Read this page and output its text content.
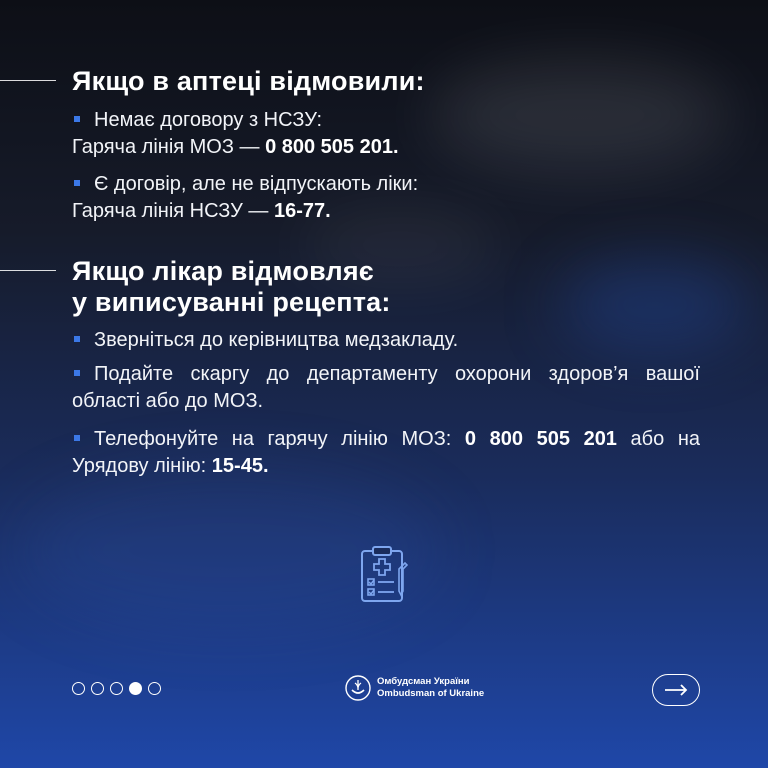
Якщо в аптеці відмовили:
Немає договору з НСЗУ:
Гаряча лінія МОЗ — 0 800 505 201.
Є договір, але не відпускають ліки:
Гаряча лінія НСЗУ — 16-77.
Якщо лікар відмовляє
у виписуванні рецепта:
Зверніться до керівництва медзакладу.
Подайте скаргу до департаменту охорони здоров’я вашої області або до МОЗ.
Телефонуйте на гарячу лінію МОЗ: 0 800 505 201 або на Урядову лінію: 15-45.
Омбудсман України
Ombudsman of Ukraine
